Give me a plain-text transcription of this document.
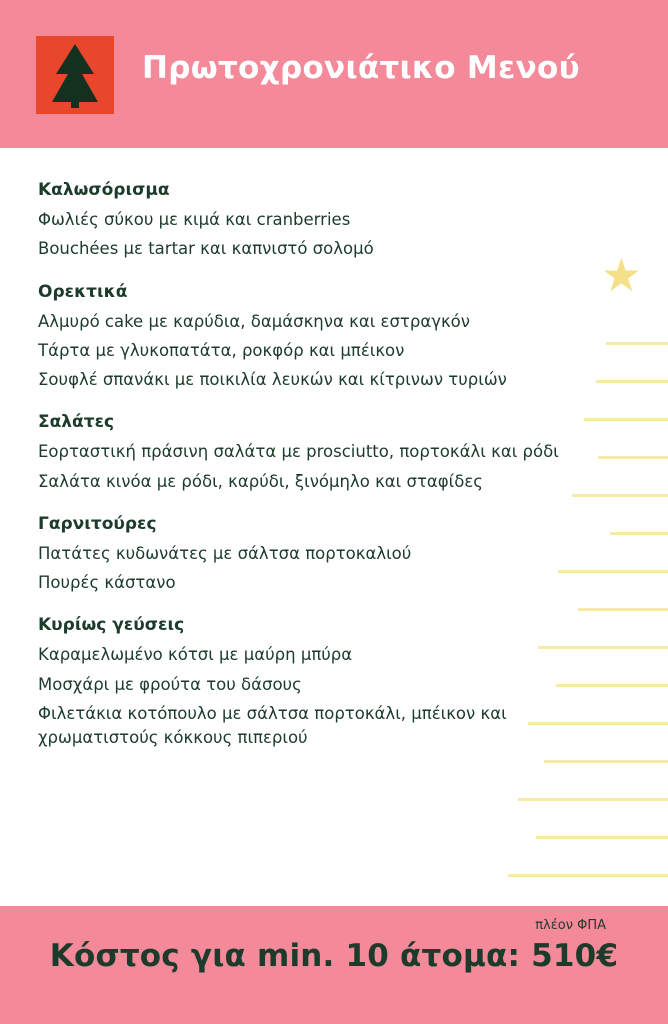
Πρωτοχρονιάτικο Μενού
★
Καλωσόρισμα
Φωλιές σύκου με κιμά και cranberries
Bouchées με tartar και καπνιστό σολομό
Ορεκτικά
Αλμυρό cake με καρύδια, δαμάσκηνα και εστραγκόν
Τάρτα με γλυκοπατάτα, ροκφόρ και μπέικον
Σουφλέ σπανάκι με ποικιλία λευκών και κίτρινων τυριών
Σαλάτες
Εορταστική πράσινη σαλάτα με prosciutto, πορτοκάλι και ρόδι
Σαλάτα κινόα με ρόδι, καρύδι, ξινόμηλο και σταφίδες
Γαρνιτούρες
Πατάτες κυδωνάτες με σάλτσα πορτοκαλιού
Πουρές κάστανο
Κυρίως γεύσεις
Καραμελωμένο κότσι με μαύρη μπύρα
Μοσχάρι με φρούτα του δάσους
Φιλετάκια κοτόπουλο με σάλτσα πορτοκάλι, μπέικον και χρωματιστούς κόκκους πιπεριού
πλέον ΦΠΑ
Κόστος για min. 10 άτομα: 510€
